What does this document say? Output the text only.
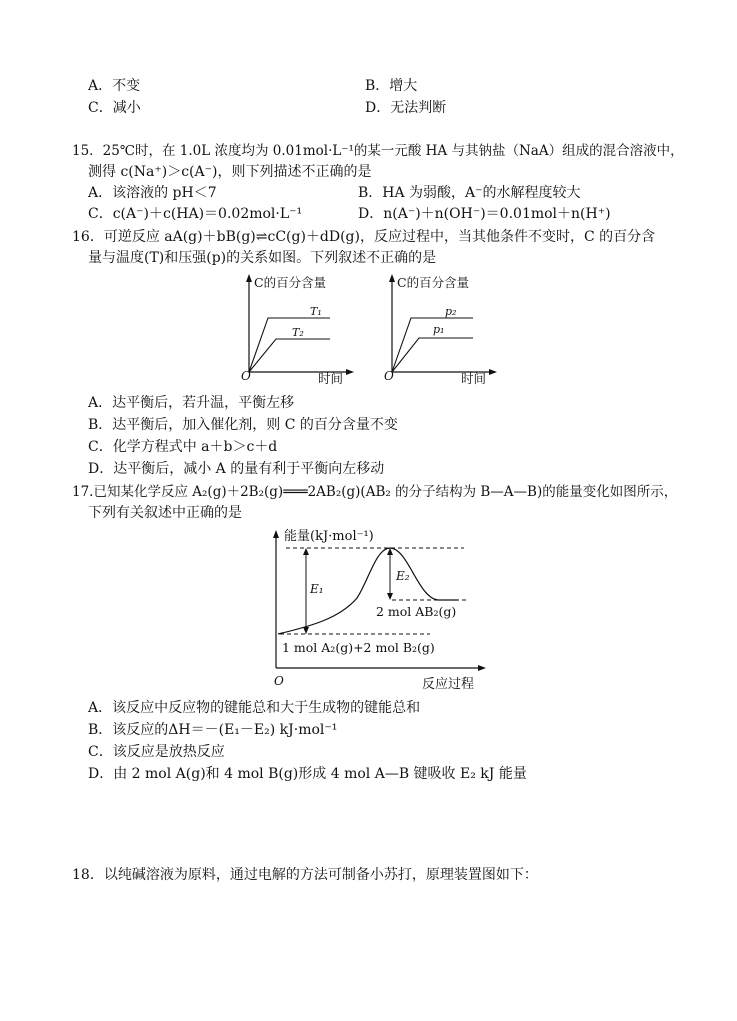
A．不变	B．增大
C．减小	D．无法判断
15．25℃时，在 1.0L 浓度均为 0.01mol·L⁻¹的某一元酸 HA 与其钠盐（NaA）组成的混合溶液中，
测得 c(Na⁺)＞c(A⁻)，则下列描述不正确的是
A．该溶液的 pH＜7	B．HA 为弱酸，A⁻的水解程度较大
C．c(A⁻)＋c(HA)＝0.02mol·L⁻¹	D．n(A⁻)＋n(OH⁻)＝0.01mol＋n(H⁺)
16．可逆反应 aA(g)＋bB(g)⇌cC(g)＋dD(g)，反应过程中，当其他条件不变时，C 的百分含
量与温度(T)和压强(p)的关系如图。下列叙述不正确的是
C的百分含量
T₁
T₂
O	时间
C的百分含量
p₂
p₁
O	时间
A．达平衡后，若升温，平衡左移
B．达平衡后，加入催化剂，则 C 的百分含量不变
C．化学方程式中 a＋b＞c＋d
D．达平衡后，减小 A 的量有利于平衡向左移动
17.已知某化学反应 A₂(g)＋2B₂(g)═══2AB₂(g)(AB₂ 的分子结构为 B—A—B)的能量变化如图所示，
下列有关叙述中正确的是
能量(kJ·mol⁻¹)
E₁
E₂
2 mol AB₂(g)
1 mol A₂(g)+2 mol B₂(g)
O	反应过程
A．该反应中反应物的键能总和大于生成物的键能总和
B．该反应的ΔH＝－(E₁－E₂) kJ·mol⁻¹
C．该反应是放热反应
D．由 2 mol A(g)和 4 mol B(g)形成 4 mol A—B 键吸收 E₂ kJ 能量
18．以纯碱溶液为原料，通过电解的方法可制备小苏打，原理装置图如下：
